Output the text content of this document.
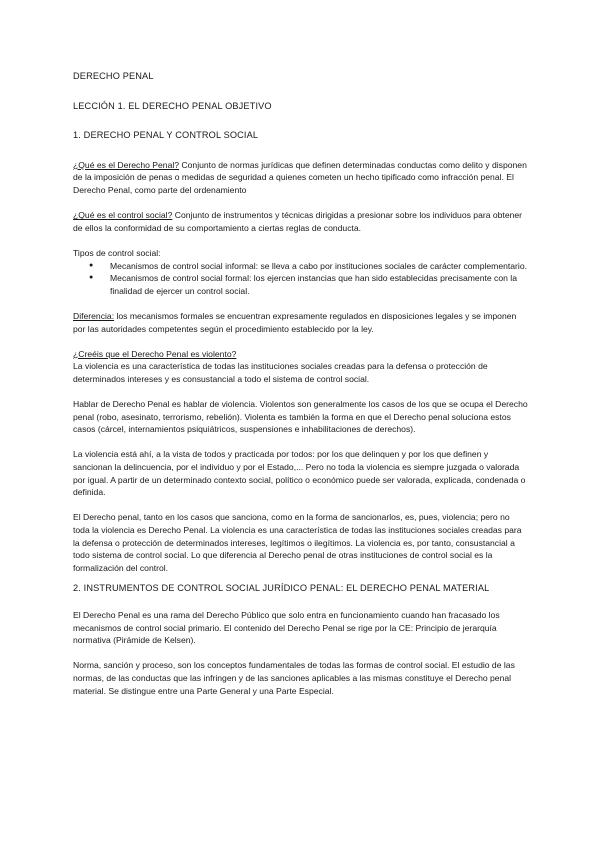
DERECHO PENAL
LECCIÓN 1. EL DERECHO PENAL OBJETIVO
1. DERECHO PENAL Y CONTROL SOCIAL

¿Qué es el Derecho Penal? Conjunto de normas jurídicas que definen determinadas conductas como delito y disponen de la imposición de penas o medidas de seguridad a quienes cometen un hecho tipificado como infracción penal. El Derecho Penal, como parte del ordenamiento

¿Qué es el control social? Conjunto de instrumentos y técnicas dirigidas a presionar sobre los individuos para obtener de ellos la conformidad de su comportamiento a ciertas reglas de conducta.

Tipos de control social:
● Mecanismos de control social informal: se lleva a cabo por instituciones sociales de carácter complementario.
● Mecanismos de control social formal: los ejercen instancias que han sido establecidas precisamente con la finalidad de ejercer un control social.

Diferencia: los mecanismos formales se encuentran expresamente regulados en disposiciones legales y se imponen por las autoridades competentes según el procedimiento establecido por la ley.

¿Creéis que el Derecho Penal es violento?

La violencia es una característica de todas las instituciones sociales creadas para la defensa o protección de determinados intereses y es consustancial a todo el sistema de control social.

Hablar de Derecho Penal es hablar de violencia. Violentos son generalmente los casos de los que se ocupa el Derecho penal (robo, asesinato, terrorismo, rebelión). Violenta es también la forma en que el Derecho penal soluciona estos casos (cárcel, internamientos psiquiátricos, suspensiones e inhabilitaciones de derechos).

La violencia está ahí, a la vista de todos y practicada por todos: por los que delinquen y por los que definen y sancionan la delincuencia, por el individuo y por el Estado,... Pero no toda la violencia es siempre juzgada o valorada por igual. A partir de un determinado contexto social, político o económico puede ser valorada, explicada, condenada o definida.

El Derecho penal, tanto en los casos que sanciona, como en la forma de sancionarlos, es, pues, violencia; pero no toda la violencia es Derecho Penal. La violencia es una característica de todas las instituciones sociales creadas para la defensa o protección de determinados intereses, legítimos o ilegítimos. La violencia es, por tanto, consustancial a todo sistema de control social. Lo que diferencia al Derecho penal de otras instituciones de control social es la formalización del control.

2. INSTRUMENTOS DE CONTROL SOCIAL JURÍDICO PENAL: EL DERECHO PENAL MATERIAL

El Derecho Penal es una rama del Derecho Público que solo entra en funcionamiento cuando han fracasado los mecanismos de control social primario. El contenido del Derecho Penal se rige por la CE: Principio de jerarquía normativa (Pirámide de Kelsen).

Norma, sanción y proceso, son los conceptos fundamentales de todas las formas de control social. El estudio de las normas, de las conductas que las infringen y de las sanciones aplicables a las mismas constituye el Derecho penal material. Se distingue entre una Parte General y una Parte Especial.
